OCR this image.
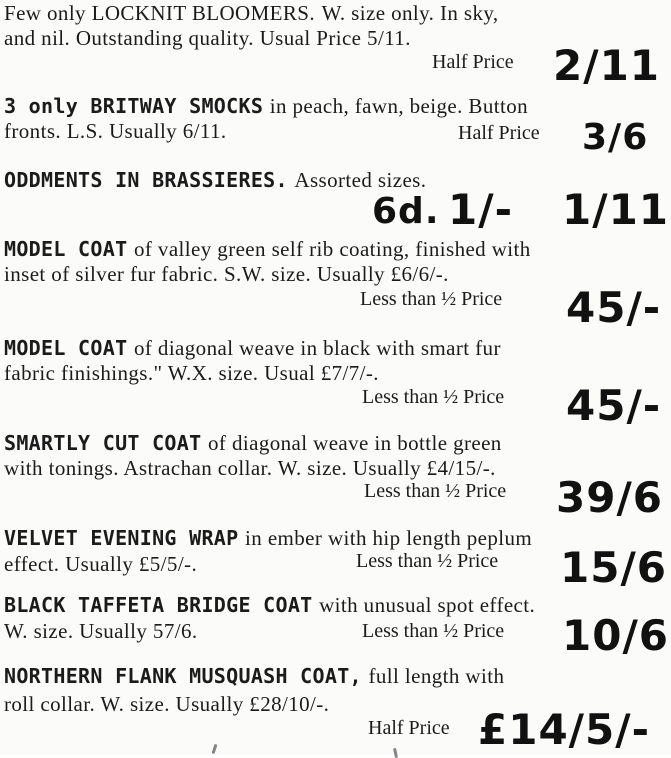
Few only LOCKNIT BLOOMERS. W. size only. In sky,
and nil. Outstanding quality. Usual Price 5/11.
Half Price 2/11
3 only BRITWAY SMOCKS in peach, fawn, beige. Button
fronts. L.S. Usually 6/11.	Half Price 3/6
ODDMENTS IN BRASSIERES. Assorted sizes.
6d. 1/- 1/11
MODEL COAT of valley green self rib coating, finished with
inset of silver fur fabric. S.W. size. Usually £6/6/-.
Less than ½ Price 45/-
MODEL COAT of diagonal weave in black with smart fur
fabric finishings." W.X. size. Usual £7/7/-.
Less than ½ Price 45/-
SMARTLY CUT COAT of diagonal weave in bottle green
with tonings. Astrachan collar. W. size. Usually £4/15/-.
Less than ½ Price 39/6
VELVET EVENING WRAP in ember with hip length peplum
effect. Usually £5/5/-.	Less than ½ Price 15/6
BLACK TAFFETA BRIDGE COAT with unusual spot effect.
W. size. Usually 57/6.	Less than ½ Price 10/6
NORTHERN FLANK MUSQUASH COAT, full length with
roll collar. W. size. Usually £28/10/-.
Half Price £14/5/-
